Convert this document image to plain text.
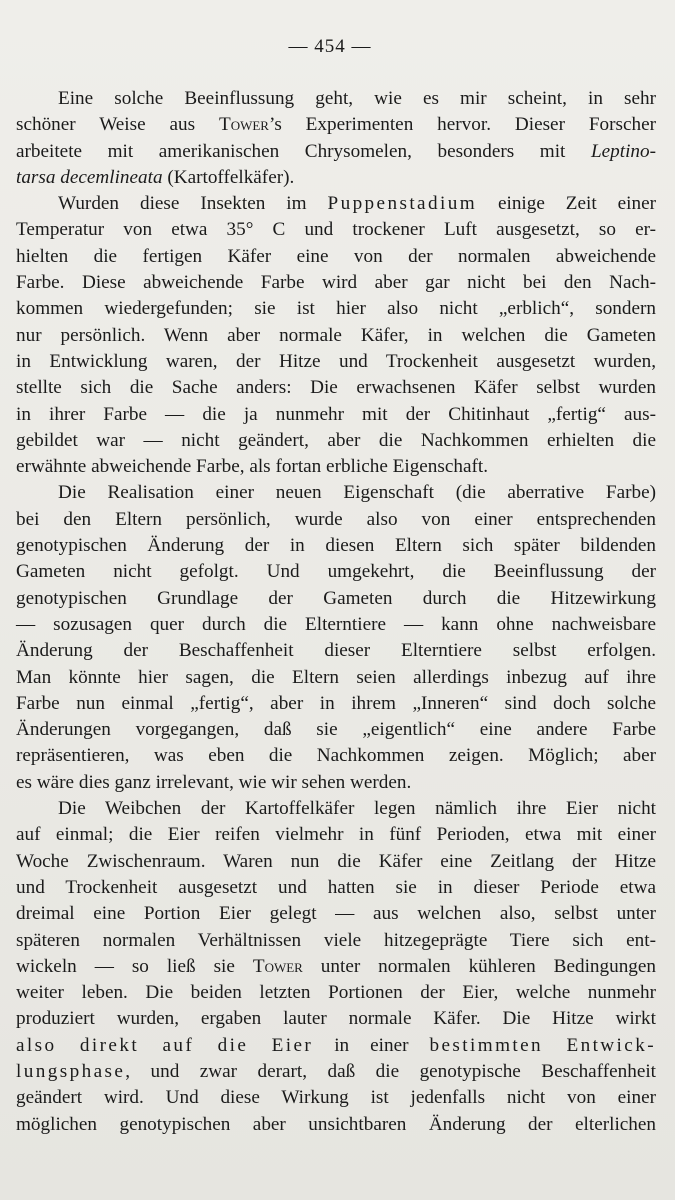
— 454 —
Eine solche Beeinflussung geht, wie es mir scheint, in sehr
schöner Weise aus Tower’s Experimenten hervor. Dieser Forscher
arbeitete mit amerikanischen Chrysomelen, besonders mit Leptino-
tarsa decemlineata (Kartoffelkäfer).
Wurden diese Insekten im Puppenstadium einige Zeit einer
Temperatur von etwa 35° C und trockener Luft ausgesetzt, so er-
hielten die fertigen Käfer eine von der normalen abweichende
Farbe. Diese abweichende Farbe wird aber gar nicht bei den Nach-
kommen wiedergefunden; sie ist hier also nicht „erblich“, sondern
nur persönlich. Wenn aber normale Käfer, in welchen die Gameten
in Entwicklung waren, der Hitze und Trockenheit ausgesetzt wurden,
stellte sich die Sache anders: Die erwachsenen Käfer selbst wurden
in ihrer Farbe — die ja nunmehr mit der Chitinhaut „fertig“ aus-
gebildet war — nicht geändert, aber die Nachkommen erhielten die
erwähnte abweichende Farbe, als fortan erbliche Eigenschaft.
Die Realisation einer neuen Eigenschaft (die aberrative Farbe)
bei den Eltern persönlich, wurde also von einer entsprechenden
genotypischen Änderung der in diesen Eltern sich später bildenden
Gameten nicht gefolgt. Und umgekehrt, die Beeinflussung der
genotypischen Grundlage der Gameten durch die Hitzewirkung
— sozusagen quer durch die Elterntiere — kann ohne nachweisbare
Änderung der Beschaffenheit dieser Elterntiere selbst erfolgen.
Man könnte hier sagen, die Eltern seien allerdings inbezug auf ihre
Farbe nun einmal „fertig“, aber in ihrem „Inneren“ sind doch solche
Änderungen vorgegangen, daß sie „eigentlich“ eine andere Farbe
repräsentieren, was eben die Nachkommen zeigen. Möglich; aber
es wäre dies ganz irrelevant, wie wir sehen werden.
Die Weibchen der Kartoffelkäfer legen nämlich ihre Eier nicht
auf einmal; die Eier reifen vielmehr in fünf Perioden, etwa mit einer
Woche Zwischenraum. Waren nun die Käfer eine Zeitlang der Hitze
und Trockenheit ausgesetzt und hatten sie in dieser Periode etwa
dreimal eine Portion Eier gelegt — aus welchen also, selbst unter
späteren normalen Verhältnissen viele hitzegeprägte Tiere sich ent-
wickeln — so ließ sie Tower unter normalen kühleren Bedingungen
weiter leben. Die beiden letzten Portionen der Eier, welche nunmehr
produziert wurden, ergaben lauter normale Käfer. Die Hitze wirkt
also direkt auf die Eier in einer bestimmten Entwick-
lungsphase, und zwar derart, daß die genotypische Beschaffenheit
geändert wird. Und diese Wirkung ist jedenfalls nicht von einer
möglichen genotypischen aber unsichtbaren Änderung der elterlichen
